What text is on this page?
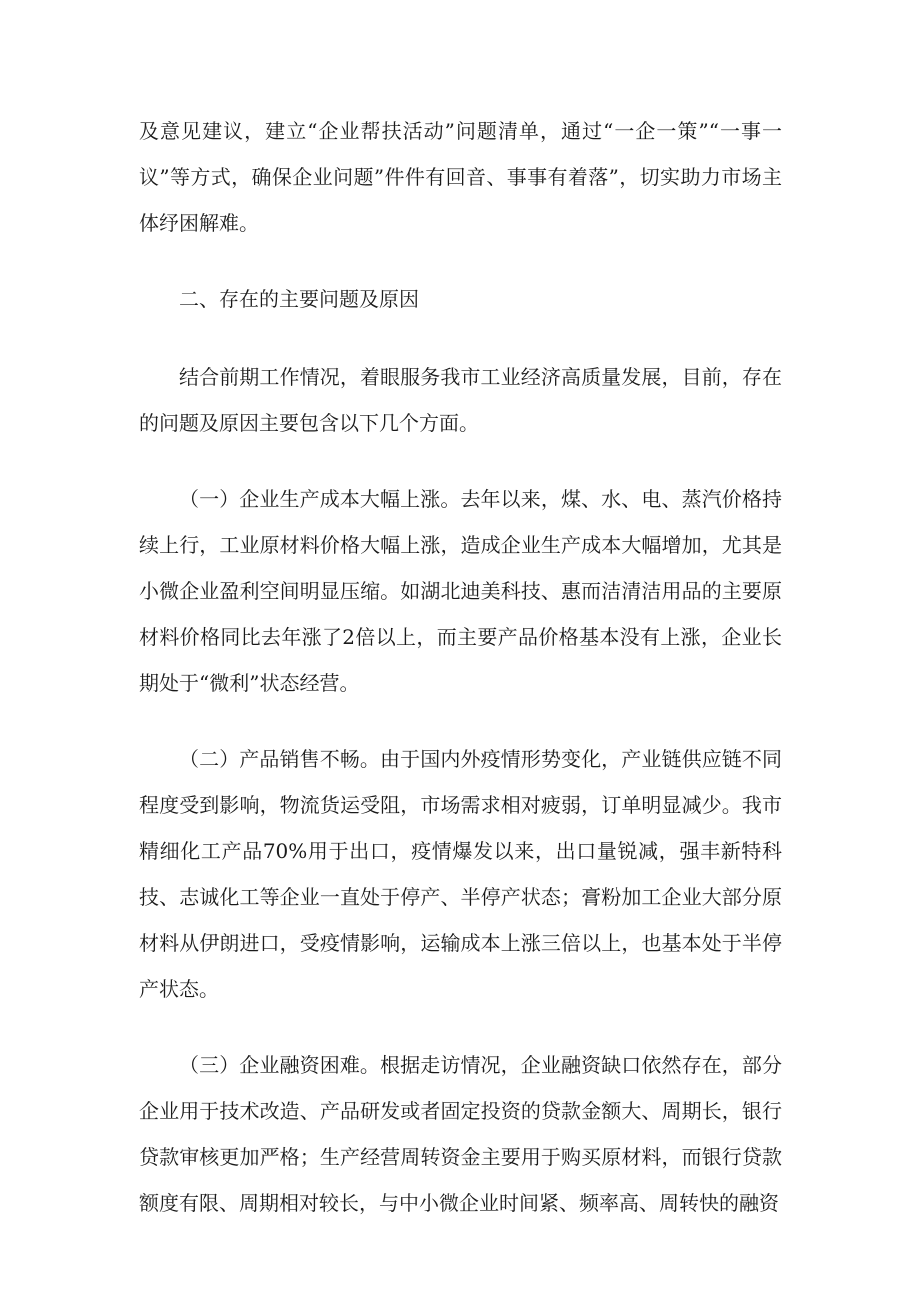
及意见建议，建立“企业帮扶活动”问题清单，通过“一企一策”“一事一议”等方式，确保企业问题”件件有回音、事事有着落”，切实助力市场主体纾困解难。

二、存在的主要问题及原因

结合前期工作情况，着眼服务我市工业经济高质量发展，目前，存在的问题及原因主要包含以下几个方面。

（一）企业生产成本大幅上涨。去年以来，煤、水、电、蒸汽价格持续上行，工业原材料价格大幅上涨，造成企业生产成本大幅增加，尤其是小微企业盈利空间明显压缩。如湖北迪美科技、惠而洁清洁用品的主要原材料价格同比去年涨了2倍以上，而主要产品价格基本没有上涨，企业长期处于“微利”状态经营。

（二）产品销售不畅。由于国内外疫情形势变化，产业链供应链不同程度受到影响，物流货运受阻，市场需求相对疲弱，订单明显减少。我市精细化工产品70%用于出口，疫情爆发以来，出口量锐减，强丰新特科技、志诚化工等企业一直处于停产、半停产状态；膏粉加工企业大部分原材料从伊朗进口，受疫情影响，运输成本上涨三倍以上，也基本处于半停产状态。

（三）企业融资困难。根据走访情况，企业融资缺口依然存在，部分企业用于技术改造、产品研发或者固定投资的贷款金额大、周期长，银行贷款审核更加严格；生产经营周转资金主要用于购买原材料，而银行贷款额度有限、周期相对较长，与中小微企业时间紧、频率高、周转快的融资
